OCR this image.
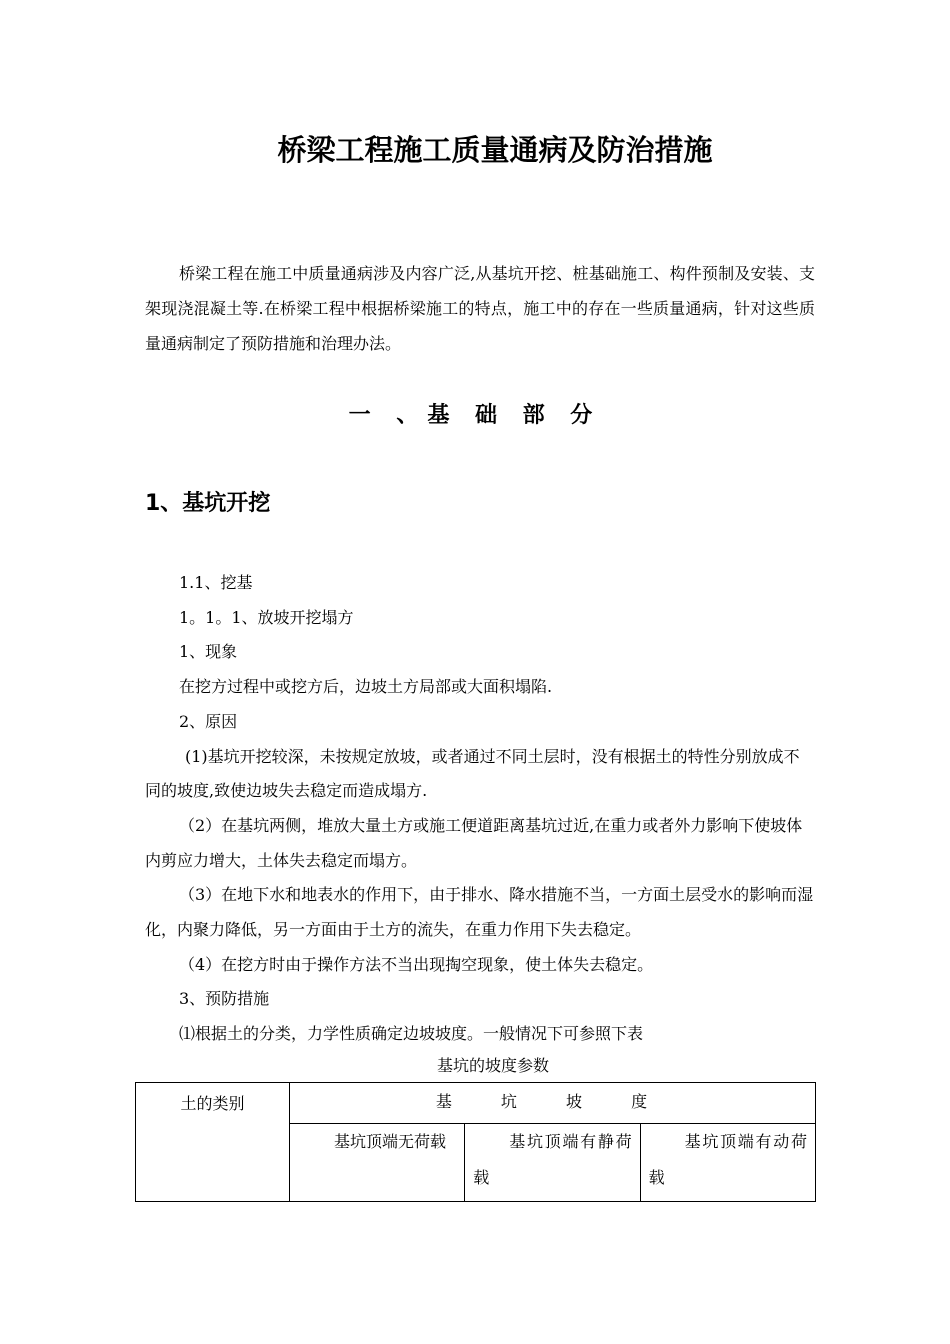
桥梁工程施工质量通病及防治措施

桥梁工程在施工中质量通病涉及内容广泛,从基坑开挖、桩基础施工、构件预制及安装、支架现浇混凝土等.在桥梁工程中根据桥梁施工的特点，施工中的存在一些质量通病，针对这些质量通病制定了预防措施和治理办法。

一 、基 础 部 分
1、基坑开挖

1.1、挖基

1。1。1、放坡开挖塌方

1、现象

在挖方过程中或挖方后，边坡土方局部或大面积塌陷.

2、原因

(1)基坑开挖较深，未按规定放坡，或者通过不同土层时，没有根据土的特性分别放成不同的坡度,致使边坡失去稳定而造成塌方.

（2）在基坑两侧，堆放大量土方或施工便道距离基坑过近,在重力或者外力影响下使坡体内剪应力增大，土体失去稳定而塌方。

（3）在地下水和地表水的作用下，由于排水、降水措施不当，一方面土层受水的影响而湿化，内聚力降低，另一方面由于土方的流失，在重力作用下失去稳定。

（4）在挖方时由于操作方法不当出现掏空现象，使土体失去稳定。

3、预防措施

⑴根据土的分类，力学性质确定边坡坡度。一般情况下可参照下表

基坑的坡度参数

土的类别	基 坑 坡 度		
	基坑顶端无荷载	基坑顶端有静荷载	基坑顶端有动荷载
